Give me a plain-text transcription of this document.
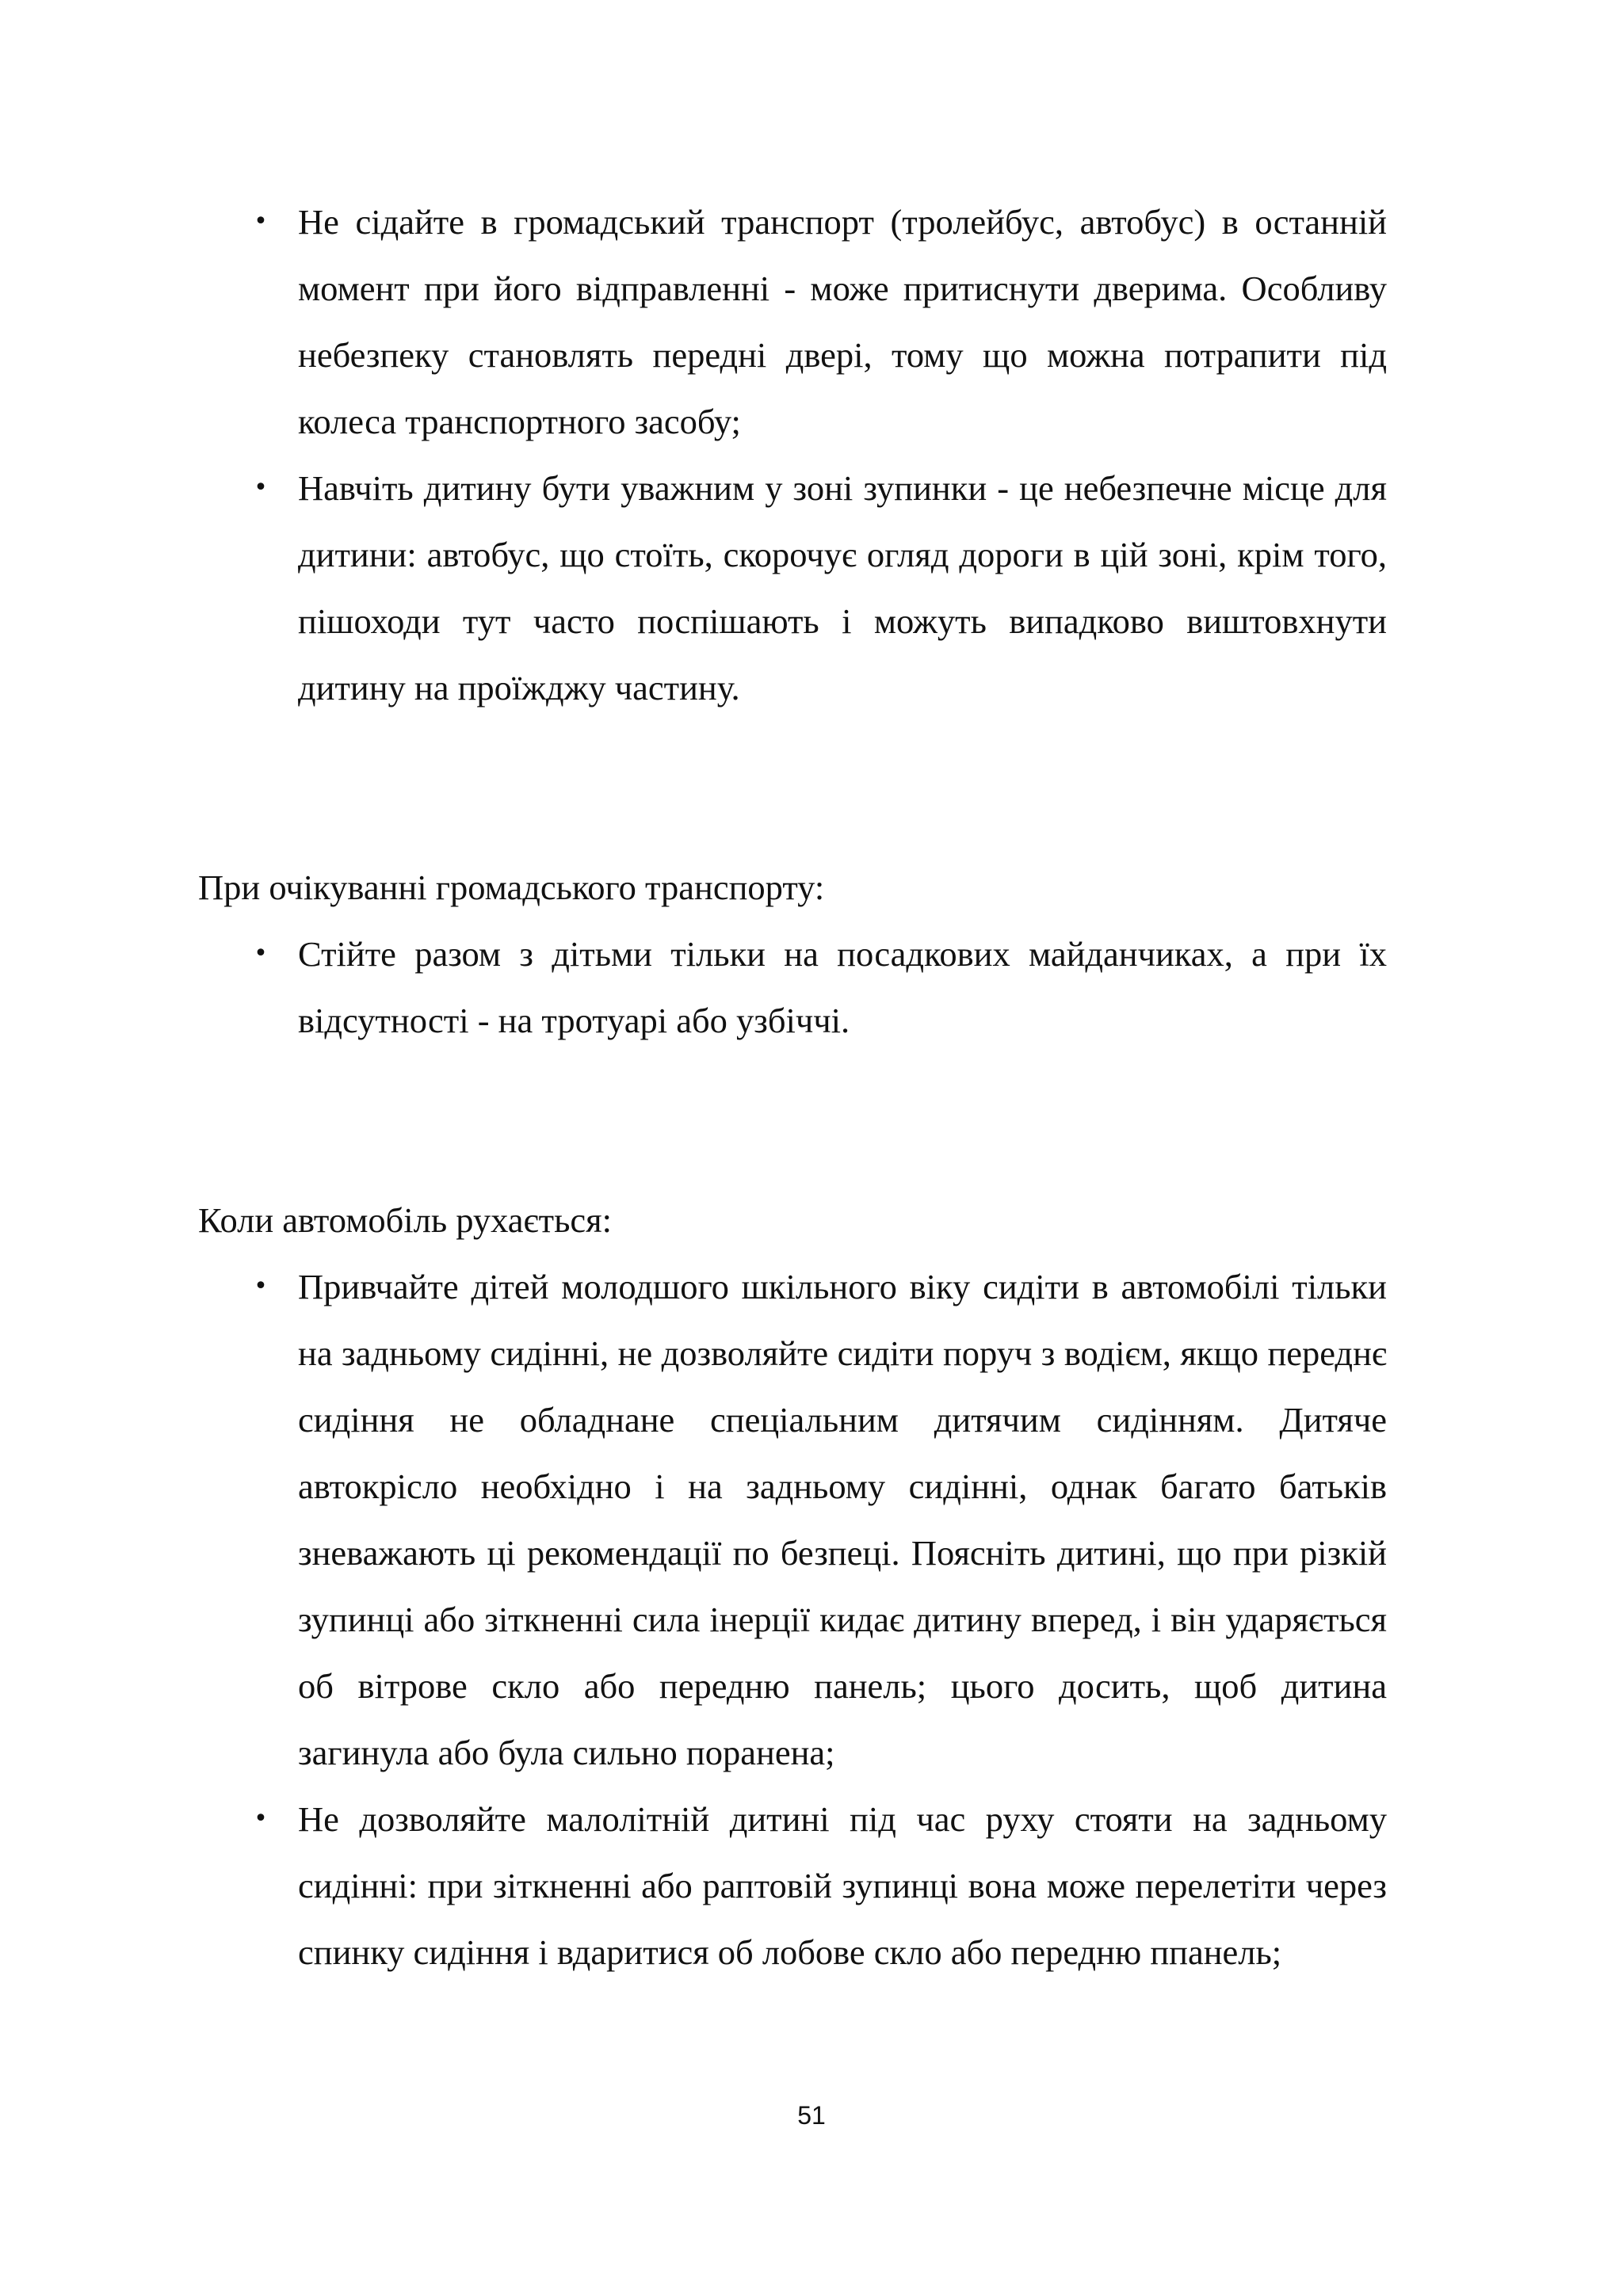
• Не сідайте в громадський транспорт (тролейбус, автобус) в останній момент при його відправленні - може притиснути дверима. Особливу небезпеку становлять передні двері, тому що можна потрапити під колеса транспортного засобу;
• Навчіть дитину бути уважним у зоні зупинки - це небезпечне місце для дитини: автобус, що стоїть, скорочує огляд дороги в цій зоні, крім того, пішоходи тут часто поспішають і можуть випадково виштовхнути дитину на проїжджу частину.

При очікуванні громадського транспорту:

• Стійте разом з дітьми тільки на посадкових майданчиках, а при їх відсутності - на тротуарі або узбіччі.

Коли автомобіль рухається:

• Привчайте дітей молодшого шкільного віку сидіти в автомобілі тільки на задньому сидінні, не дозволяйте сидіти поруч з водієм, якщо переднє сидіння не обладнане спеціальним дитячим сидінням. Дитяче автокрісло необхідно і на задньому сидінні, однак багато батьків зневажають ці рекомендації по безпеці. Поясніть дитині, що при різкій зупинці або зіткненні сила інерції кидає дитину вперед, і він ударяється об вітрове скло або передню панель; цього досить, щоб дитина загинула або була сильно поранена;
• Не дозволяйте малолітній дитині під час руху стояти на задньому сидінні: при зіткненні або раптовій зупинці вона може перелетіти через спинку сидіння і вдаритися об лобове скло або передню ппанель;
51
